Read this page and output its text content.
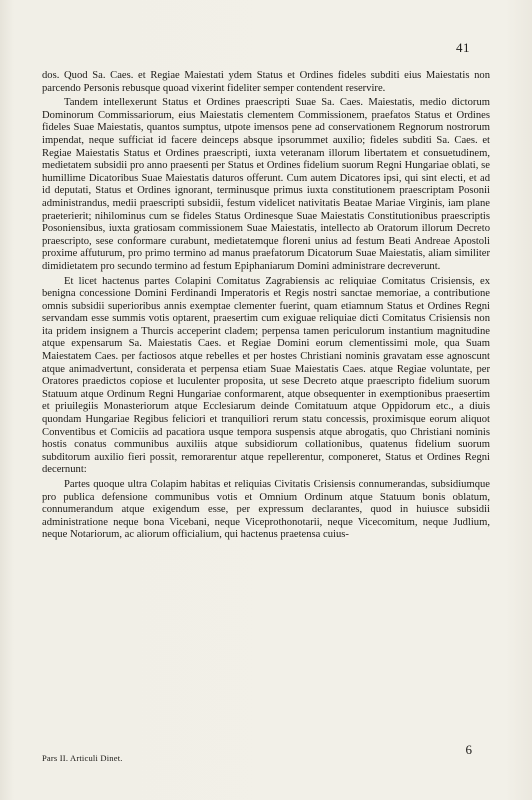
41

dos. Quod Sa. Caes. et Regiae Maiestati ydem Status et Ordines fideles subditi eius Maiestatis non parcendo Personis rebusque quoad vixerint fideliter semper contendent reservire.

Tandem intellexerunt Status et Ordines praescripti Suae Sa. Caes. Maiestatis, medio dictorum Dominorum Commissariorum, eius Maiestatis clementem Commissionem, praefatos Status et Ordines fideles Suae Maiestatis, quantos sumptus, utpote imensos pene ad conservationem Regnorum nostrorum impendat, neque sufficiat id facere deinceps absque ipsorummet auxilio; fideles subditi Sa. Caes. et Regiae Maiestatis Status et Ordines praescripti, iuxta veteranam illorum libertatem et consuetudinem, medietatem subsidii pro anno praesenti per Status et Ordines fidelium suorum Regni Hungariae oblati, se humillime Dicatoribus Suae Maiestatis daturos offerunt. Cum autem Dicatores ipsi, qui sint electi, et ad id deputati, Status et Ordines ignorant, terminusque primus iuxta constitutionem praescriptam Posonii administrandus, medii praescripti subsidii, festum videlicet nativitatis Beatae Mariae Virginis, iam plane praeterierit; nihilominus cum se fideles Status Ordinesque Suae Maiestatis Constitutionibus praescriptis Posoniensibus, iuxta gratiosam commissionem Suae Maiestatis, intellecto ab Oratorum illorum Decreto praescripto, sese conformare curabunt, medietatemque floreni unius ad festum Beati Andreae Apostoli proxime affuturum, pro primo termino ad manus praefatorum Dicatorum Suae Maiestatis, aliam similiter dimidietatem pro secundo termino ad festum Epiphaniarum Domini administrare decreverunt.

Et licet hactenus partes Colapini Comitatus Zagrabiensis ac reliquiae Comitatus Crisiensis, ex benigna concessione Domini Ferdinandi Imperatoris et Regis nostri sanctae memoriae, a contributione omnis subsidii superioribus annis exemptae clementer fuerint, quam etiamnum Status et Ordines Regni servandam esse summis votis optarent, praesertim cum exiguae reliquiae dicti Comitatus Crisiensis non ita pridem insignem a Thurcis acceperint cladem; perpensa tamen periculorum instantium magnitudine atque expensarum Sa. Maiestatis Caes. et Regiae Domini eorum clementissimi mole, qua Suam Maiestatem Caes. per factiosos atque rebelles et per hostes Christiani nominis gravatam esse agnoscunt atque animadvertunt, considerata et perpensa etiam Suae Maiestatis Caes. atque Regiae voluntate, per Oratores praedictos copiose et luculenter proposita, ut sese Decreto atque praescripto fidelium suorum Statuum atque Ordinum Regni Hungariae conformarent, atque obsequenter in exemptionibus praesertim et priuilegiis Monasteriorum atque Ecclesiarum deinde Comitatuum atque Oppidorum etc., a diuis quondam Hungariae Regibus feliciori et tranquiliori rerum statu concessis, proximisque eorum aliquot Conventibus et Comiciis ad pacatiora usque tempora suspensis atque abrogatis, quo Christiani nominis hostis conatus communibus auxiliis atque subsidiorum collationibus, quatenus fidelium suorum subditorum auxilio fieri possit, remorarentur atque repellerentur, componeret, Status et Ordines Regni decernunt:

Partes quoque ultra Colapim habitas et reliquias Civitatis Crisiensis connumerandas, subsidiumque pro publica defensione communibus votis et Omnium Ordinum atque Statuum bonis oblatum, connumerandum atque exigendum esse, per expressum declarantes, quod in huiusce subsidii administratione neque bona Vicebani, neque Viceprothonotarii, neque Vicecomitum, neque Judlium, neque Notariorum, ac aliorum officialium, qui hactenus praetensa cuius-

Pars II. Articuli Dinet.
6
